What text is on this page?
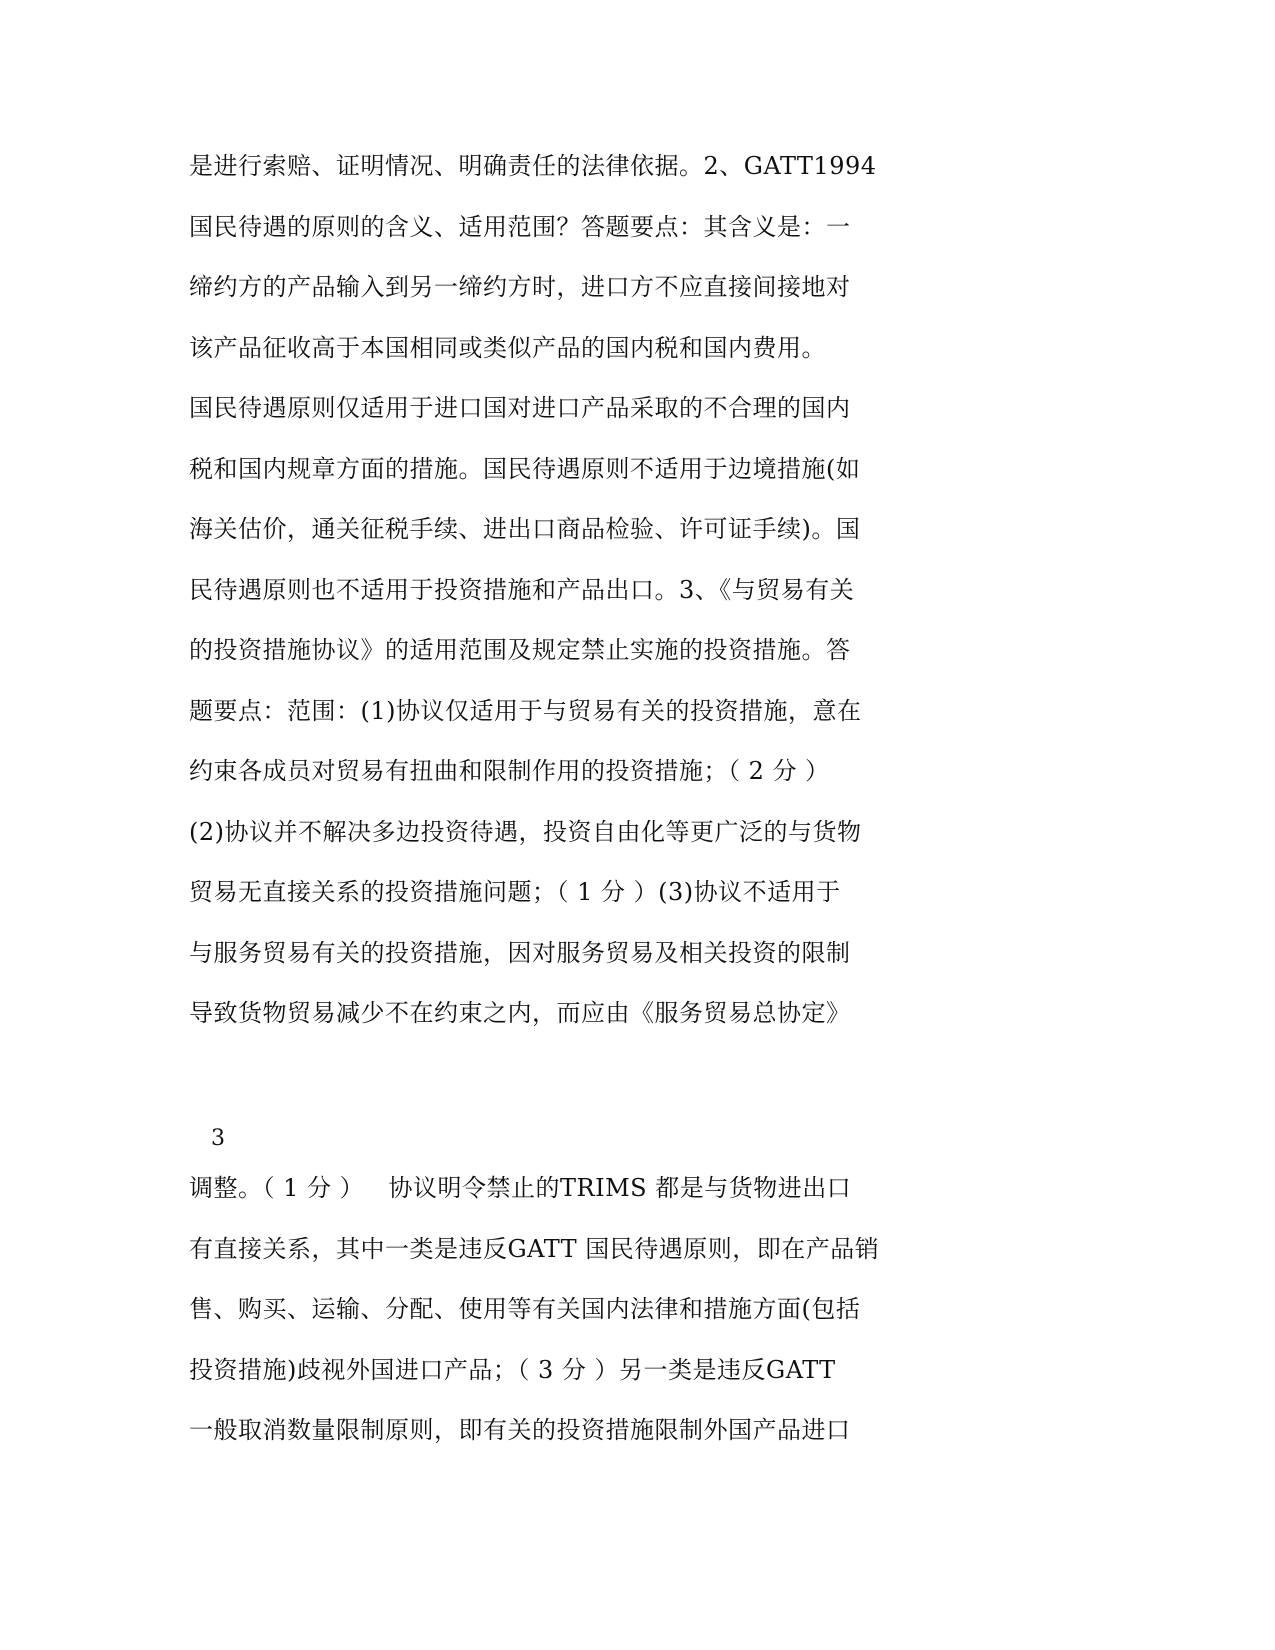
是进行索赔、证明情况、明确责任的法律依据。2、GATT1994
国民待遇的原则的含义、适用范围？答题要点：其含义是：一
缔约方的产品输入到另一缔约方时，进口方不应直接间接地对
该产品征收高于本国相同或类似产品的国内税和国内费用。
国民待遇原则仅适用于进口国对进口产品采取的不合理的国内
税和国内规章方面的措施。国民待遇原则不适用于边境措施(如
海关估价，通关征税手续、进出口商品检验、许可证手续)。国
民待遇原则也不适用于投资措施和产品出口。3、《与贸易有关
的投资措施协议》的适用范围及规定禁止实施的投资措施。答
题要点：范围：(1)协议仅适用于与贸易有关的投资措施，意在
约束各成员对贸易有扭曲和限制作用的投资措施；（ 2 分 ）
(2)协议并不解决多边投资待遇，投资自由化等更广泛的与货物
贸易无直接关系的投资措施问题；（ 1 分 ）(3)协议不适用于
与服务贸易有关的投资措施，因对服务贸易及相关投资的限制
导致货物贸易减少不在约束之内，而应由《服务贸易总协定》
3
调整。（ 1 分 ）   协议明令禁止的TRIMS 都是与货物进出口
有直接关系，其中一类是违反GATT 国民待遇原则，即在产品销
售、购买、运输、分配、使用等有关国内法律和措施方面(包括
投资措施)歧视外国进口产品；（ 3 分 ）另一类是违反GATT
一般取消数量限制原则，即有关的投资措施限制外国产品进口
